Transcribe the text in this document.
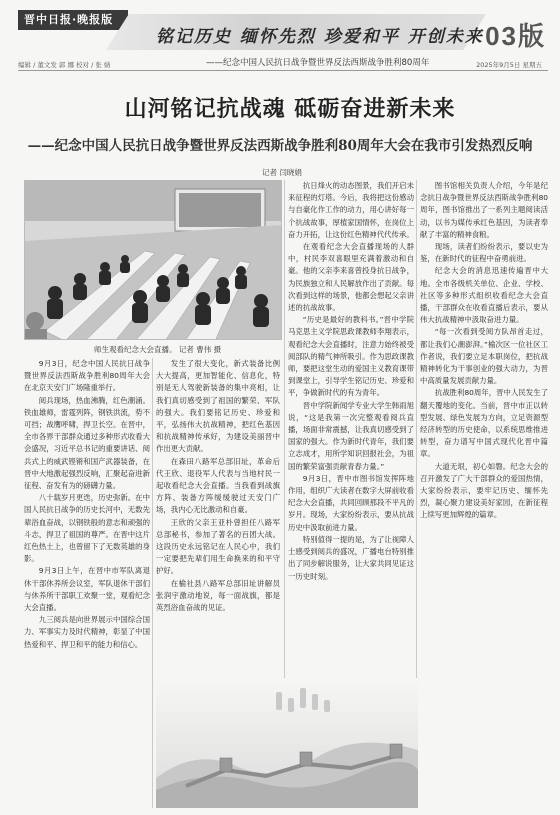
晋中日报·晚报版
铭记历史 缅怀先烈 珍爱和平 开创未来 03版
编辑 / 董文发 郭 娜 校对 / 张 婧	——纪念中国人民抗日战争暨世界反法西斯战争胜利80周年	2025年9月5日 星期五
山河铭记抗战魂 砥砺奋进新未来
——纪念中国人民抗日战争暨世界反法西斯战争胜利80周年大会在我市引发热烈反响
记者 闫晓娟
师生观看纪念大会直播。 记者 曹伟 摄

9月3日，纪念中国人民抗日战争暨世界反法西斯战争胜利80周年大会在北京天安门广场隆重举行。

阅兵现场，热血沸腾，红色潮涌。铁血雄师，雷霆列阵，钢铁洪流，势不可挡；战鹰呼啸，捍卫长空。在晋中，全市各界干部群众通过多种形式收看大会盛况，习近平总书记的重要讲话、阅兵式上的威武铿锵和国产武器装备，在晋中大地激起强烈反响，汇聚起奋进新征程、奋发有为的磅礴力量。

八十载岁月更迭，历史弥新。在中国人民抗日战争的历史长河中，无数先辈浴血奋战，以钢铁般的意志和顽强的斗志，捍卫了祖国的尊严。在晋中这片红色热土上，也曾留下了无数英雄的身影。

9月3日上午，在晋中市军队离退休干部休养所会议室，军队退休干部们与休养所干部职工欢聚一堂，观看纪念大会直播。

九三阅兵是向世界展示中国综合国力、军事实力及时代精神，彰显了中国热爱和平、捍卫和平的能力和信心。

发生了很大变化，新式装备比例大大提高，更加智能化、信息化，特别是无人驾驶新装备的集中亮相，让我们真切感受到了祖国的繁荣、军队的强大。我们要铭记历史、珍爱和平，弘扬伟大抗战精神，把红色基因和抗战精神传承好，为建设美丽晋中作出更大贡献。

在森田八路军总部旧址，革命后代王欣、退役军人代表与当地村民一起收看纪念大会直播。当我看到战旗方阵、装备方阵缓缓驶过天安门广场，我内心无比激动和自豪。

王欣的父亲王亚朴曾担任八路军总部秘书，参加了著名的百团大战。这段历史永远铭记在人民心中，我们一定要把先辈们用生命换来的和平守护好。

在榆社县八路军总部旧址讲解员张润宇激动地说，每一面战旗，都是英烈浴血奋战的见证。

抗日烽火的动态图景，我们开启未来征程的灯塔。今后，我将把这份感动与自豪化作工作的动力，用心讲好每一个抗战故事，厚植家国情怀，在岗位上奋力开拓，让这份红色精神代代传承。

在观看纪念大会直播现场的人群中，村民李双喜眼里充满着激动和自豪。他的父亲李来喜曾投身抗日战争，为民族独立和人民解放作出了贡献。每次看到这样的场景，他都会想起父亲讲述的抗战故事。

“历史是最好的教科书。”晋中学院马克思主义学院思政课教师李翔表示，观看纪念大会直播时，注意力始终被受阅部队的精气神所吸引。作为思政课教师，要把这堂生动的爱国主义教育课带到课堂上，引导学生铭记历史、珍爱和平，争做新时代的有为青年。

晋中学院新闻学专业大学生韩雨旭说，“这是我第一次完整观看阅兵直播，场面非常震撼，让我真切感受到了国家的强大。作为新时代青年，我们要立志成才，用所学知识回报社会，为祖国的繁荣富强贡献青春力量。”

9月3日，晋中市图书馆发挥阵地作用，组织广大读者在数字大屏前收看纪念大会直播，共同回顾那段不平凡的岁月。现场，大家纷纷表示，要从抗战历史中汲取前进力量。

特别值得一提的是，为了让视障人士感受到阅兵的盛况，广播电台特别推出了同步解说服务，让大家共同见证这一历史时刻。

图书馆相关负责人介绍，今年是纪念抗日战争暨世界反法西斯战争胜利80周年，图书馆推出了一系列主题阅读活动，以书为媒传承红色基因，为读者奉献了丰富的精神食粮。

现场，读者们纷纷表示，要以史为鉴，在新时代的征程中奋勇前进。

纪念大会的消息迅速传遍晋中大地。全市各级机关单位、企业、学校、社区等多种形式组织收看纪念大会直播，干部群众在收看直播后表示，要从伟大抗战精神中汲取奋进力量。

“每一次看到受阅方队昂首走过，都让我们心潮澎湃。”榆次区一位社区工作者说，我们要立足本职岗位，把抗战精神转化为干事创业的强大动力，为晋中高质量发展贡献力量。

抗战胜利80周年，晋中人民发生了翻天覆地的变化。当前，晋中市正以转型发展、绿色发展为方向，立足资源型经济转型的历史使命，以系统思维推进转型，奋力谱写中国式现代化晋中篇章。

大道无垠，初心如磐。纪念大会的召开激发了广大干部群众的爱国热情，大家纷纷表示，要牢记历史、缅怀先烈，凝心聚力建设美好家园，在新征程上续写更加辉煌的篇章。
